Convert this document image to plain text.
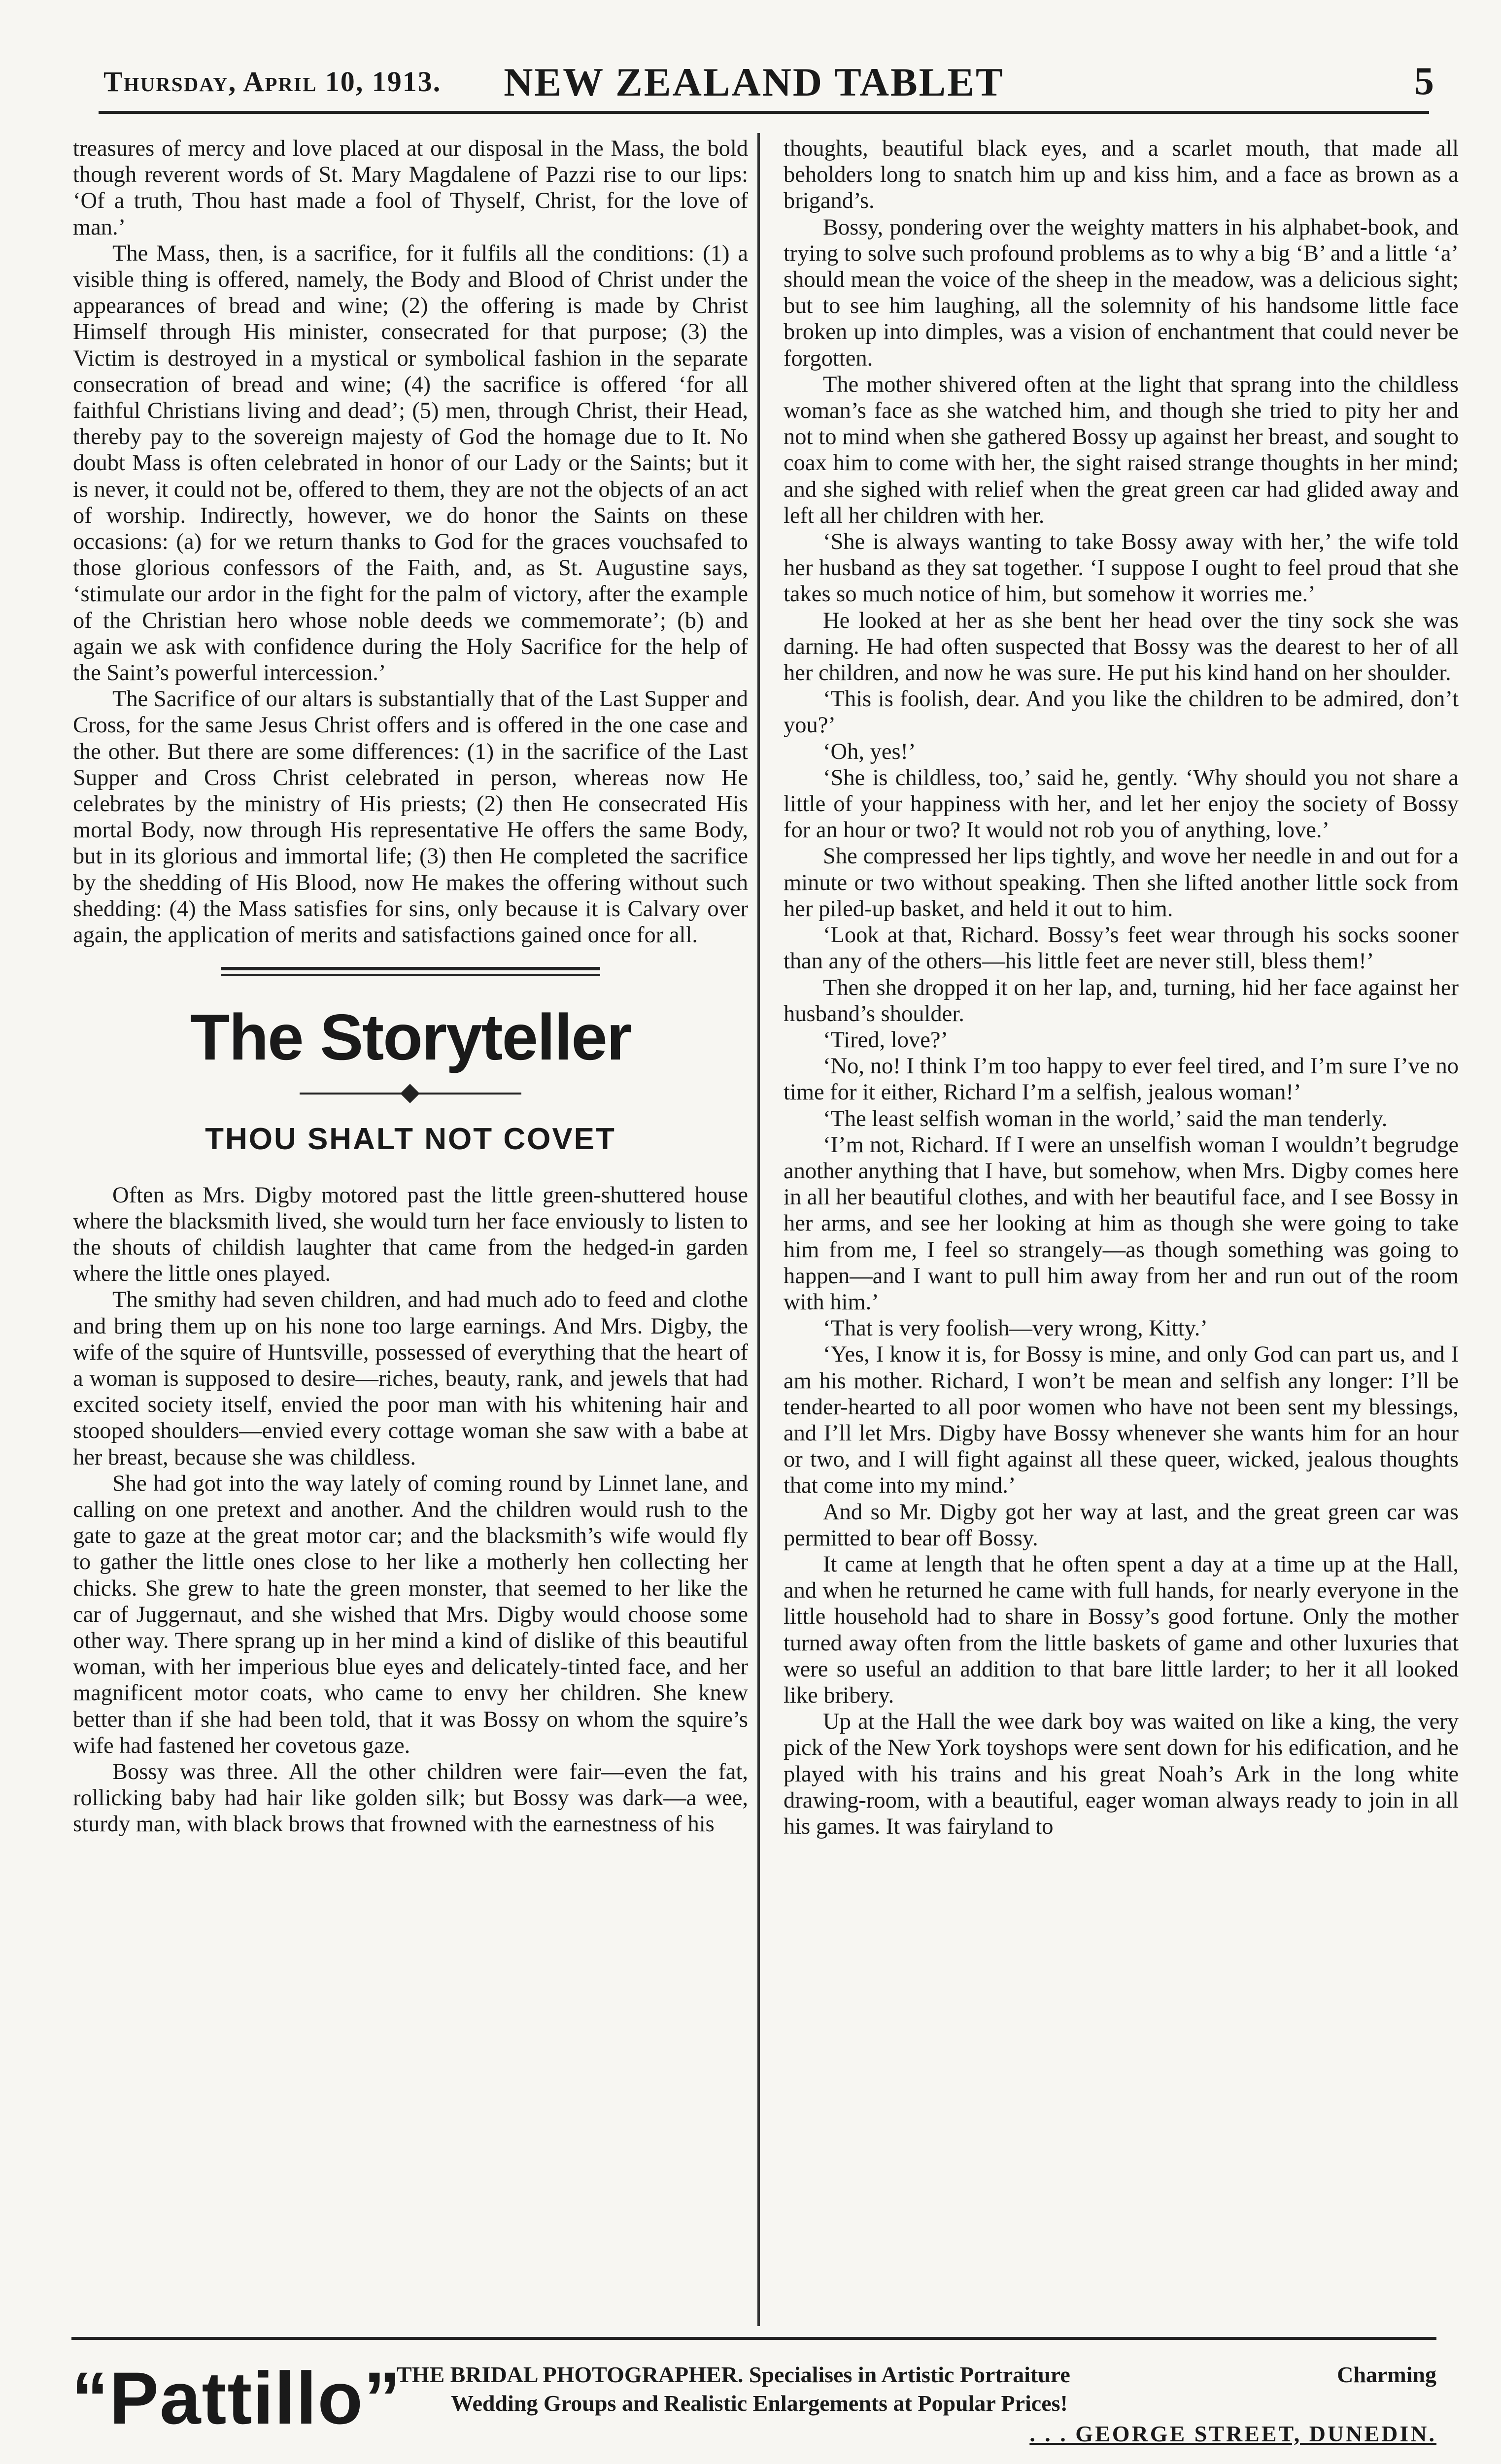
Thursday, April 10, 1913.	NEW ZEALAND TABLET	5

treasures of mercy and love placed at our disposal in the Mass, the bold though reverent words of St. Mary Magdalene of Pazzi rise to our lips: ‘Of a truth, Thou hast made a fool of Thyself, Christ, for the love of man.’

The Mass, then, is a sacrifice, for it fulfils all the conditions: (1) a visible thing is offered, namely, the Body and Blood of Christ under the appearances of bread and wine; (2) the offering is made by Christ Himself through His minister, consecrated for that purpose; (3) the Victim is destroyed in a mystical or symbolical fashion in the separate consecration of bread and wine; (4) the sacrifice is offered ‘for all faithful Christians living and dead’; (5) men, through Christ, their Head, thereby pay to the sovereign majesty of God the homage due to It. No doubt Mass is often celebrated in honor of our Lady or the Saints; but it is never, it could not be, offered to them, they are not the objects of an act of worship. Indirectly, however, we do honor the Saints on these occasions: (a) for we return thanks to God for the graces vouchsafed to those glorious confessors of the Faith, and, as St. Augustine says, ‘stimulate our ardor in the fight for the palm of victory, after the example of the Christian hero whose noble deeds we commemorate’; (b) and again we ask with confidence during the Holy Sacrifice for the help of the Saint’s powerful intercession.’

The Sacrifice of our altars is substantially that of the Last Supper and Cross, for the same Jesus Christ offers and is offered in the one case and the other. But there are some differences: (1) in the sacrifice of the Last Supper and Cross Christ celebrated in person, whereas now He celebrates by the ministry of His priests; (2) then He consecrated His mortal Body, now through His representative He offers the same Body, but in its glorious and immortal life; (3) then He completed the sacrifice by the shedding of His Blood, now He makes the offering without such shedding: (4) the Mass satisfies for sins, only because it is Calvary over again, the application of merits and satisfactions gained once for all.

The Storyteller
THOU SHALT NOT COVET

Often as Mrs. Digby motored past the little green-shuttered house where the blacksmith lived, she would turn her face enviously to listen to the shouts of childish laughter that came from the hedged-in garden where the little ones played.

The smithy had seven children, and had much ado to feed and clothe and bring them up on his none too large earnings. And Mrs. Digby, the wife of the squire of Huntsville, possessed of everything that the heart of a woman is supposed to desire—riches, beauty, rank, and jewels that had excited society itself, envied the poor man with his whitening hair and stooped shoulders—envied every cottage woman she saw with a babe at her breast, because she was childless.

She had got into the way lately of coming round by Linnet lane, and calling on one pretext and another. And the children would rush to the gate to gaze at the great motor car; and the blacksmith’s wife would fly to gather the little ones close to her like a motherly hen collecting her chicks. She grew to hate the green monster, that seemed to her like the car of Juggernaut, and she wished that Mrs. Digby would choose some other way. There sprang up in her mind a kind of dislike of this beautiful woman, with her imperious blue eyes and delicately-tinted face, and her magnificent motor coats, who came to envy her children. She knew better than if she had been told, that it was Bossy on whom the squire’s wife had fastened her covetous gaze.

Bossy was three. All the other children were fair—even the fat, rollicking baby had hair like golden silk; but Bossy was dark—a wee, sturdy man, with black brows that frowned with the earnestness of his

thoughts, beautiful black eyes, and a scarlet mouth, that made all beholders long to snatch him up and kiss him, and a face as brown as a brigand’s.

Bossy, pondering over the weighty matters in his alphabet-book, and trying to solve such profound problems as to why a big ‘B’ and a little ‘a’ should mean the voice of the sheep in the meadow, was a delicious sight; but to see him laughing, all the solemnity of his handsome little face broken up into dimples, was a vision of enchantment that could never be forgotten.

The mother shivered often at the light that sprang into the childless woman’s face as she watched him, and though she tried to pity her and not to mind when she gathered Bossy up against her breast, and sought to coax him to come with her, the sight raised strange thoughts in her mind; and she sighed with relief when the great green car had glided away and left all her children with her.

‘She is always wanting to take Bossy away with her,’ the wife told her husband as they sat together. ‘I suppose I ought to feel proud that she takes so much notice of him, but somehow it worries me.’

He looked at her as she bent her head over the tiny sock she was darning. He had often suspected that Bossy was the dearest to her of all her children, and now he was sure. He put his kind hand on her shoulder.

‘This is foolish, dear. And you like the children to be admired, don’t you?’

‘Oh, yes!’

‘She is childless, too,’ said he, gently. ‘Why should you not share a little of your happiness with her, and let her enjoy the society of Bossy for an hour or two? It would not rob you of anything, love.’

She compressed her lips tightly, and wove her needle in and out for a minute or two without speaking. Then she lifted another little sock from her piled-up basket, and held it out to him.

‘Look at that, Richard. Bossy’s feet wear through his socks sooner than any of the others—his little feet are never still, bless them!’

Then she dropped it on her lap, and, turning, hid her face against her husband’s shoulder.

‘Tired, love?’

‘No, no! I think I’m too happy to ever feel tired, and I’m sure I’ve no time for it either, Richard I’m a selfish, jealous woman!’

‘The least selfish woman in the world,’ said the man tenderly.

‘I’m not, Richard. If I were an unselfish woman I wouldn’t begrudge another anything that I have, but somehow, when Mrs. Digby comes here in all her beautiful clothes, and with her beautiful face, and I see Bossy in her arms, and see her looking at him as though she were going to take him from me, I feel so strangely—as though something was going to happen—and I want to pull him away from her and run out of the room with him.’

‘That is very foolish—very wrong, Kitty.’

‘Yes, I know it is, for Bossy is mine, and only God can part us, and I am his mother. Richard, I won’t be mean and selfish any longer: I’ll be tender-hearted to all poor women who have not been sent my blessings, and I’ll let Mrs. Digby have Bossy whenever she wants him for an hour or two, and I will fight against all these queer, wicked, jealous thoughts that come into my mind.’

And so Mr. Digby got her way at last, and the great green car was permitted to bear off Bossy.

It came at length that he often spent a day at a time up at the Hall, and when he returned he came with full hands, for nearly everyone in the little household had to share in Bossy’s good fortune. Only the mother turned away often from the little baskets of game and other luxuries that were so useful an addition to that bare little larder; to her it all looked like bribery.

Up at the Hall the wee dark boy was waited on like a king, the very pick of the New York toyshops were sent down for his edification, and he played with his trains and his great Noah’s Ark in the long white drawing-room, with a beautiful, eager woman always ready to join in all his games. It was fairyland to

“Pattillo”
THE BRIDAL PHOTOGRAPHER. Specialises in Artistic Portraiture	Charming
Wedding Groups and Realistic Enlargements at Popular Prices!
. . . GEORGE STREET, DUNEDIN.
